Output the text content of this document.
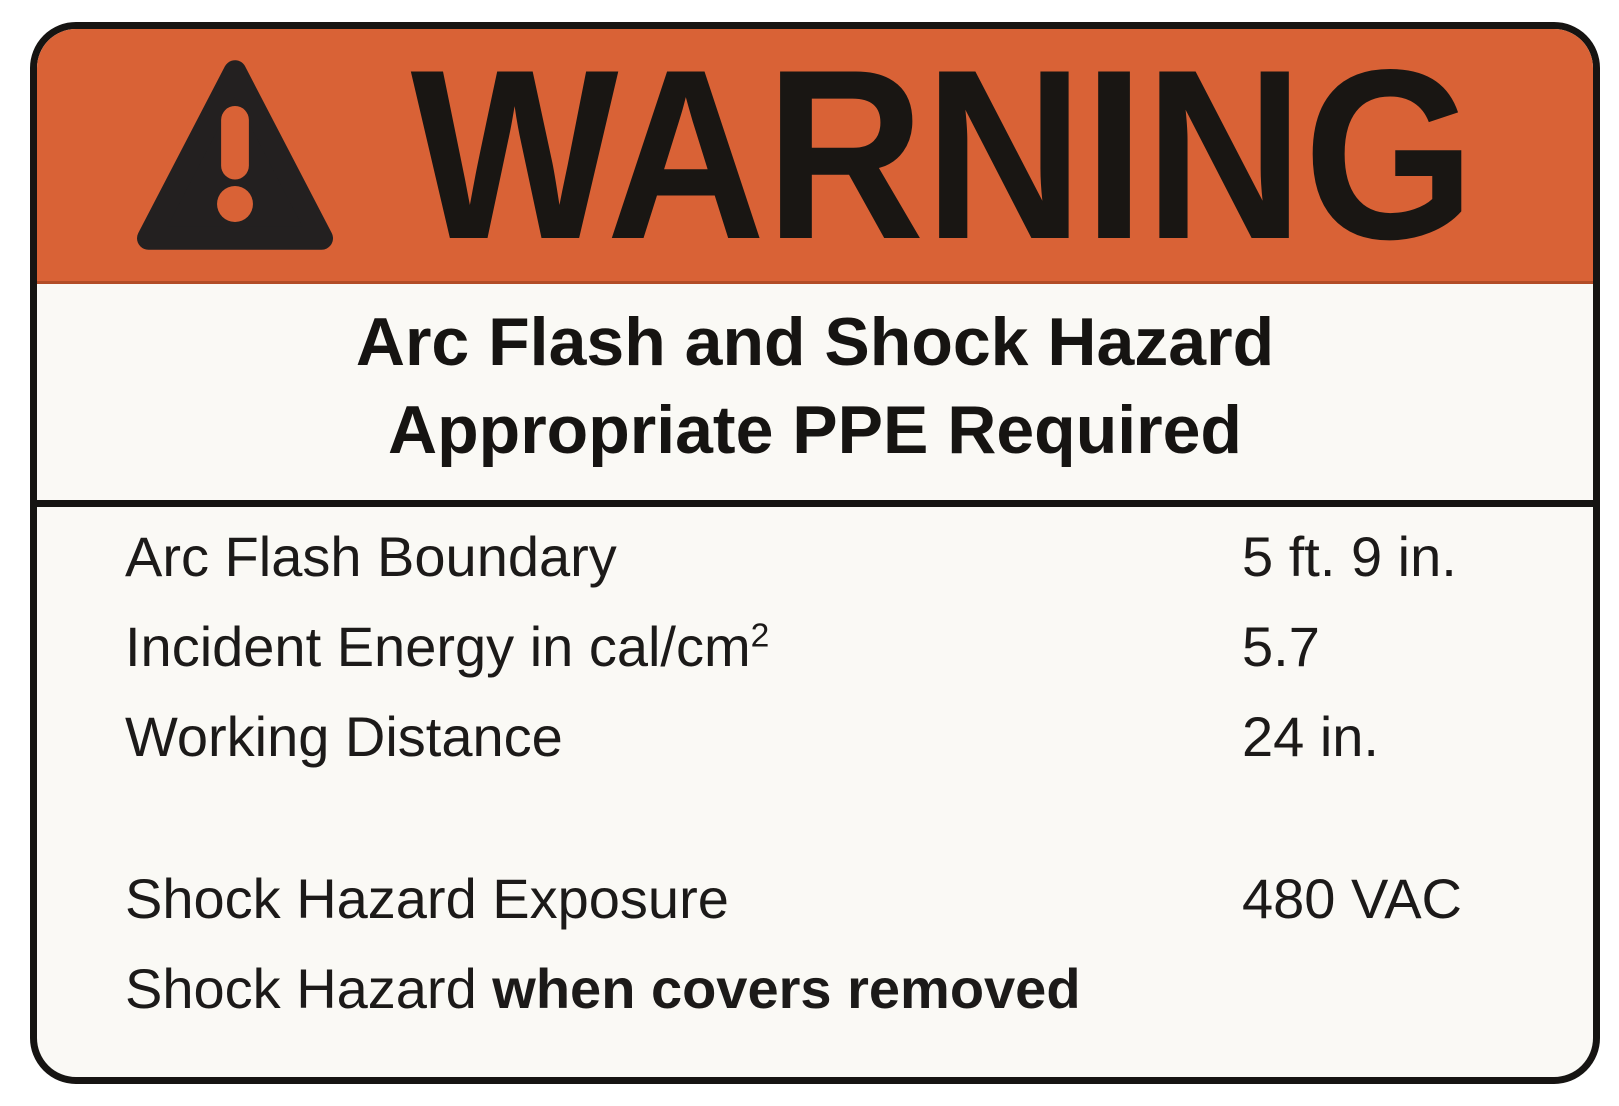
WARNING
Arc Flash and Shock Hazard
Appropriate PPE Required
Arc Flash Boundary	5 ft. 9 in.
Incident Energy in cal/$cm^2$	5.7
Working Distance	24 in.
Shock Hazard Exposure	480 VAC
Shock Hazard when covers removed
